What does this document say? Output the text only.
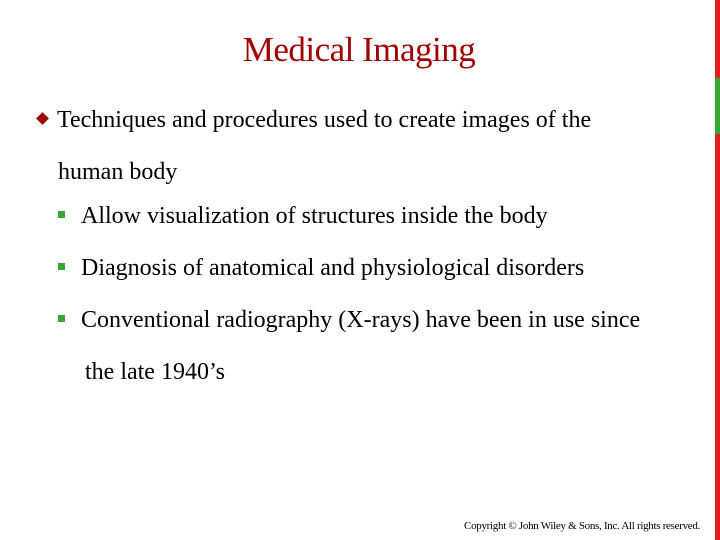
Medical Imaging
Techniques and procedures used to create images of the
human body
Allow visualization of structures inside the body
Diagnosis of anatomical and physiological disorders
Conventional radiography (X-rays) have been in use since
the late 1940’s
Copyright © John Wiley & Sons, Inc. All rights reserved.
